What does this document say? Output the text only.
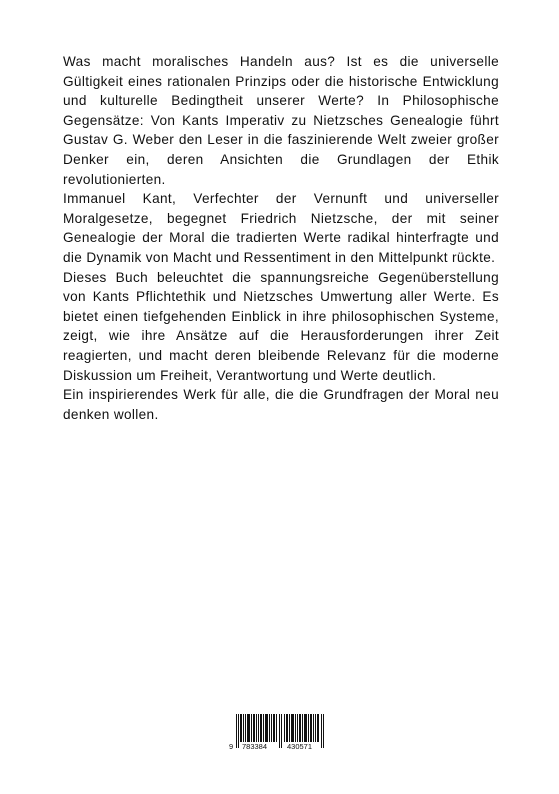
Was macht moralisches Handeln aus? Ist es die universelle Gültigkeit eines rationalen Prinzips oder die historische Entwicklung und kulturelle Bedingtheit unserer Werte? In Philosophische Gegensätze: Von Kants Imperativ zu Nietzsches Genealogie führt Gustav G. Weber den Leser in die faszinierende Welt zweier großer Denker ein, deren Ansichten die Grundlagen der Ethik revolutionierten.

Immanuel Kant, Verfechter der Vernunft und universeller Moralgesetze, begegnet Friedrich Nietzsche, der mit seiner Genealogie der Moral die tradierten Werte radikal hinterfragte und die Dynamik von Macht und Ressentiment in den Mittelpunkt rückte.

Dieses Buch beleuchtet die spannungsreiche Gegenüberstellung von Kants Pflichtethik und Nietzsches Umwertung aller Werte. Es bietet einen tiefgehenden Einblick in ihre philosophischen Systeme, zeigt, wie ihre Ansätze auf die Herausforderungen ihrer Zeit reagierten, und macht deren bleibende Relevanz für die moderne Diskussion um Freiheit, Verantwortung und Werte deutlich.

Ein inspirierendes Werk für alle, die die Grundfragen der Moral neu denken wollen.

9 783384	430571
